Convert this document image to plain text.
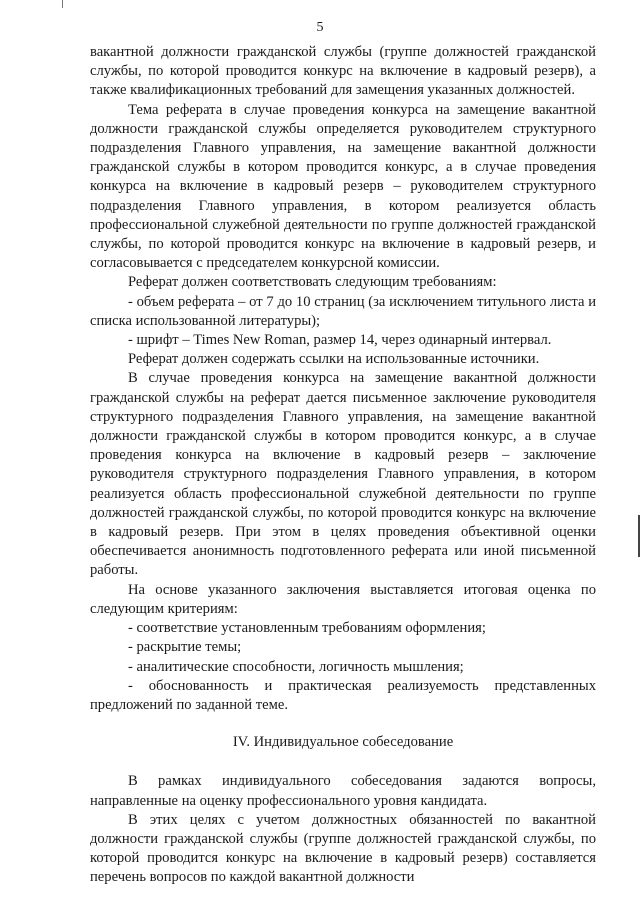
5

вакантной должности гражданской службы (группе должностей гражданской службы, по которой проводится конкурс на включение в кадровый резерв), а также квалификационных требований для замещения указанных должностей.

Тема реферата в случае проведения конкурса на замещение вакантной должности гражданской службы определяется руководителем структурного подразделения Главного управления, на замещение вакантной должности гражданской службы в котором проводится конкурс, а в случае проведения конкурса на включение в кадровый резерв – руководителем структурного подразделения Главного управления, в котором реализуется область профессиональной служебной деятельности по группе должностей гражданской службы, по которой проводится конкурс на включение в кадровый резерв, и согласовывается с председателем конкурсной комиссии.

Реферат должен соответствовать следующим требованиям:

- объем реферата – от 7 до 10 страниц (за исключением титульного листа и списка использованной литературы);

- шрифт – Times New Roman, размер 14, через одинарный интервал.

Реферат должен содержать ссылки на использованные источники.

В случае проведения конкурса на замещение вакантной должности гражданской службы на реферат дается письменное заключение руководителя структурного подразделения Главного управления, на замещение вакантной должности гражданской службы в котором проводится конкурс, а в случае проведения конкурса на включение в кадровый резерв – заключение руководителя структурного подразделения Главного управления, в котором реализуется область профессиональной служебной деятельности по группе должностей гражданской службы, по которой проводится конкурс на включение в кадровый резерв. При этом в целях проведения объективной оценки обеспечивается анонимность подготовленного реферата или иной письменной работы.

На основе указанного заключения выставляется итоговая оценка по следующим критериям:

- соответствие установленным требованиям оформления;

- раскрытие темы;

- аналитические способности, логичность мышления;

- обоснованность и практическая реализуемость представленных предложений по заданной теме.

IV. Индивидуальное собеседование

В рамках индивидуального собеседования задаются вопросы, направленные на оценку профессионального уровня кандидата.

В этих целях с учетом должностных обязанностей по вакантной должности гражданской службы (группе должностей гражданской службы, по которой проводится конкурс на включение в кадровый резерв) составляется перечень вопросов по каждой вакантной должности
